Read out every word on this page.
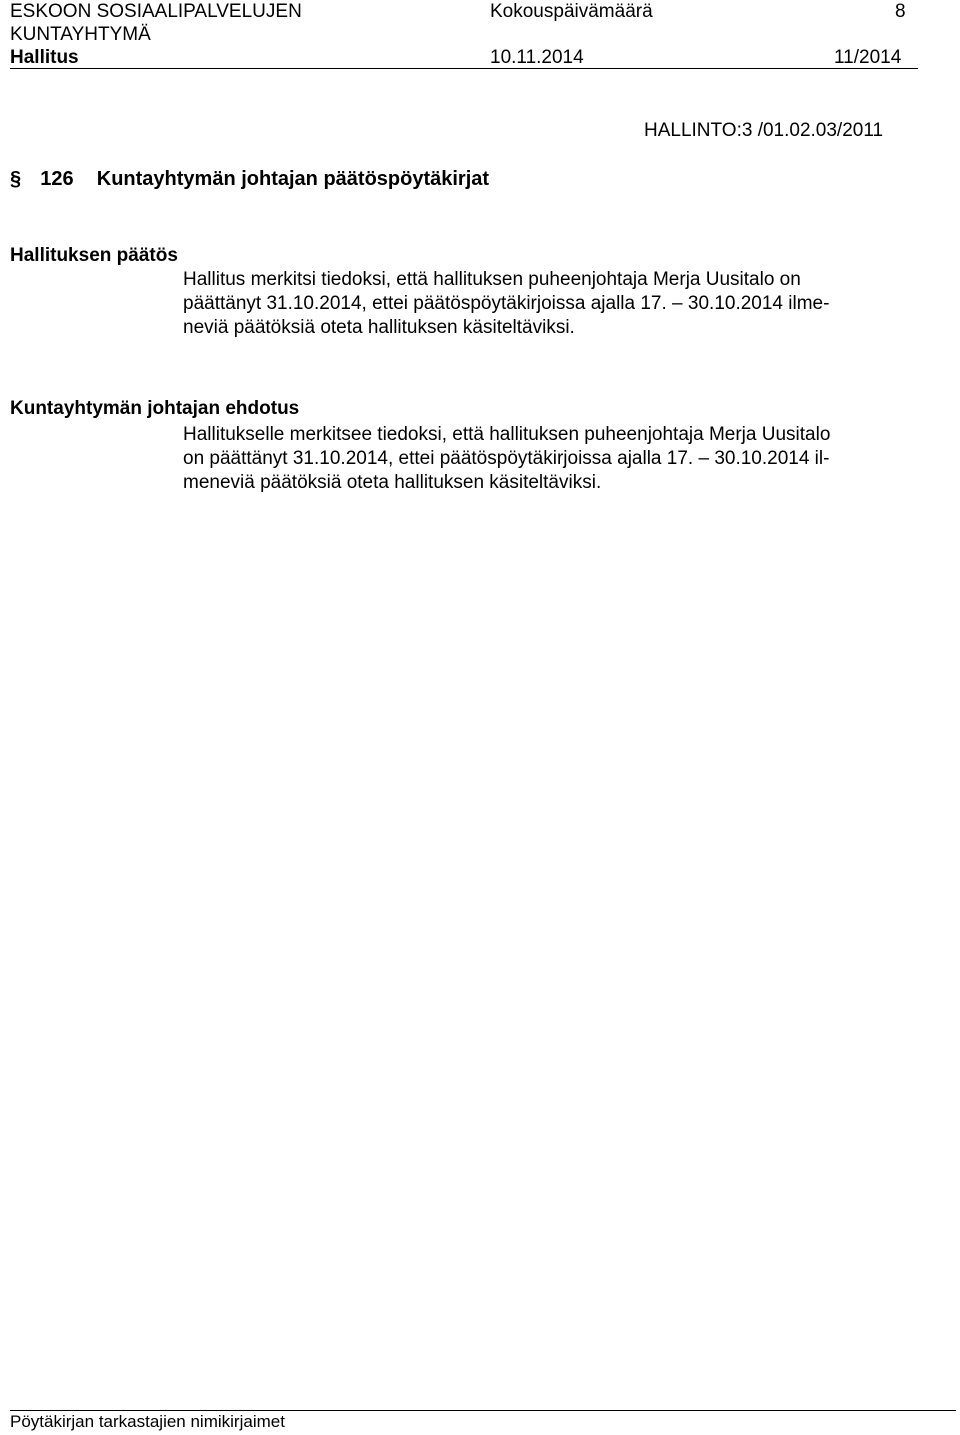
ESKOON SOSIAALIPALVELUJEN
KUNTAYHTYMÄ
Hallitus
Kokouspäivämäärä
10.11.2014
8
11/2014
HALLINTO:3 /01.02.03/2011
§ 126 Kuntayhtymän johtajan päätöspöytäkirjat
Hallituksen päätös
Hallitus merkitsi tiedoksi, että hallituksen puheenjohtaja Merja Uusitalo on
päättänyt 31.10.2014, ettei päätöspöytäkirjoissa ajalla 17. – 30.10.2014 ilme-
neviä päätöksiä oteta hallituksen käsiteltäviksi.
Kuntayhtymän johtajan ehdotus
Hallitukselle merkitsee tiedoksi, että hallituksen puheenjohtaja Merja Uusitalo
on päättänyt 31.10.2014, ettei päätöspöytäkirjoissa ajalla 17. – 30.10.2014 il-
meneviä päätöksiä oteta hallituksen käsiteltäviksi.
Pöytäkirjan tarkastajien nimikirjaimet
